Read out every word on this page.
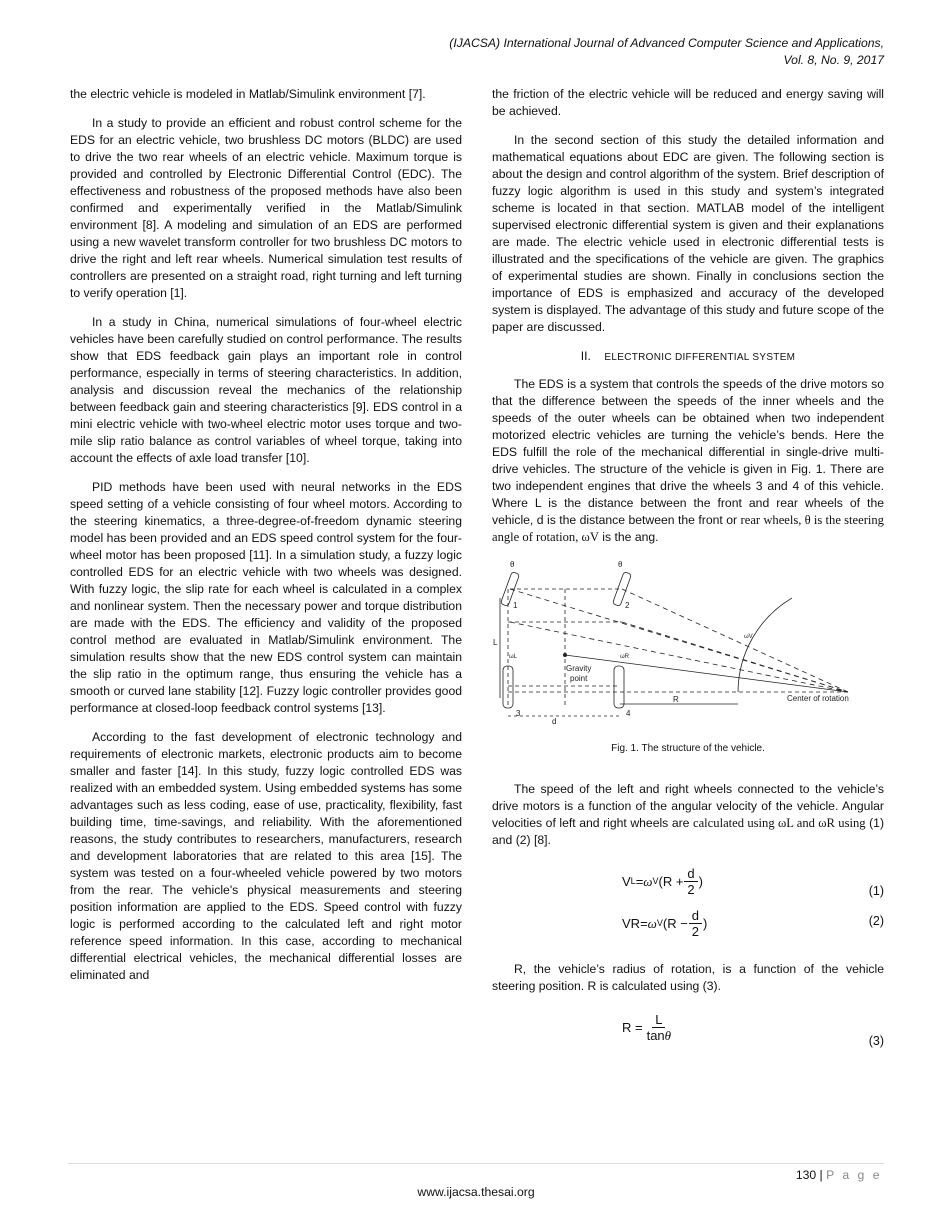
(IJACSA) International Journal of Advanced Computer Science and Applications,
Vol. 8, No. 9, 2017

the electric vehicle is modeled in Matlab/Simulink environment [7].

In a study to provide an efficient and robust control scheme for the EDS for an electric vehicle, two brushless DC motors (BLDC) are used to drive the two rear wheels of an electric vehicle. Maximum torque is provided and controlled by Electronic Differential Control (EDC). The effectiveness and robustness of the proposed methods have also been confirmed and experimentally verified in the Matlab/Simulink environment [8]. A modeling and simulation of an EDS are performed using a new wavelet transform controller for two brushless DC motors to drive the right and left rear wheels. Numerical simulation test results of controllers are presented on a straight road, right turning and left turning to verify operation [1].

In a study in China, numerical simulations of four-wheel electric vehicles have been carefully studied on control performance. The results show that EDS feedback gain plays an important role in control performance, especially in terms of steering characteristics. In addition, analysis and discussion reveal the mechanics of the relationship between feedback gain and steering characteristics [9]. EDS control in a mini electric vehicle with two-wheel electric motor uses torque and two-mile slip ratio balance as control variables of wheel torque, taking into account the effects of axle load transfer [10].

PID methods have been used with neural networks in the EDS speed setting of a vehicle consisting of four wheel motors. According to the steering kinematics, a three-degree-of-freedom dynamic steering model has been provided and an EDS speed control system for the four-wheel motor has been proposed [11]. In a simulation study, a fuzzy logic controlled EDS for an electric vehicle with two wheels was designed. With fuzzy logic, the slip rate for each wheel is calculated in a complex and nonlinear system. Then the necessary power and torque distribution are made with the EDS. The efficiency and validity of the proposed control method are evaluated in Matlab/Simulink environment. The simulation results show that the new EDS control system can maintain the slip ratio in the optimum range, thus ensuring the vehicle has a smooth or curved lane stability [12]. Fuzzy logic controller provides good performance at closed-loop feedback control systems [13].

According to the fast development of electronic technology and requirements of electronic markets, electronic products aim to become smaller and faster [14]. In this study, fuzzy logic controlled EDS was realized with an embedded system. Using embedded systems has some advantages such as less coding, ease of use, practicality, flexibility, fast building time, time-savings, and reliability. With the aforementioned reasons, the study contributes to researchers, manufacturers, research and development laboratories that are related to this area [15]. The system was tested on a four-wheeled vehicle powered by two motors from the rear. The vehicle's physical measurements and steering position information are applied to the EDS. Speed control with fuzzy logic is performed according to the calculated left and right motor reference speed information. In this case, according to mechanical differential electrical vehicles, the mechanical differential losses are eliminated and

the friction of the electric vehicle will be reduced and energy saving will be achieved.

In the second section of this study the detailed information and mathematical equations about EDC are given. The following section is about the design and control algorithm of the system. Brief description of fuzzy logic algorithm is used in this study and system’s integrated scheme is located in that section. MATLAB model of the intelligent supervised electronic differential system is given and their explanations are made. The electric vehicle used in electronic differential tests is illustrated and the specifications of the vehicle are given. The graphics of experimental studies are shown. Finally in conclusions section the importance of EDS is emphasized and accuracy of the developed system is displayed. The advantage of this study and future scope of the paper are discussed.

II. ELECTRONIC DIFFERENTIAL SYSTEM

The EDS is a system that controls the speeds of the drive motors so that the difference between the speeds of the inner wheels and the speeds of the outer wheels can be obtained when two independent motorized electric vehicles are turning the vehicle’s bends. Here the EDS fulfill the role of the mechanical differential in single-drive multi-drive vehicles. The structure of the vehicle is given in Fig. 1. There are two independent engines that drive the wheels 3 and 4 of this vehicle. Where L is the distance between the front and rear wheels of the vehicle, d is the distance between the front or rear wheels, θ is the steering angle of rotation, ωV is the ang.

θ	θ
1	2
3	4
L
d
R
ωL	ωR
ωV
Gravity
point
Center of rotation
Fig. 1. The structure of the vehicle.

The speed of the left and right wheels connected to the vehicle’s drive motors is a function of the angular velocity of the vehicle. Angular velocities of left and right wheels are calculated using ωL and ωR using (1) and (2) [8].

V L = ω V ($R + \frac{d}{2}$ )
(1)
VR = ω V ($R - \frac{d}{2}$ )	(2)

R, the vehicle’s radius of rotation, is a function of the vehicle steering position. R is calculated using (3).

$R = \frac{L}{\tan\theta}$	(3)
130 | P a g e
www.ijacsa.thesai.org
